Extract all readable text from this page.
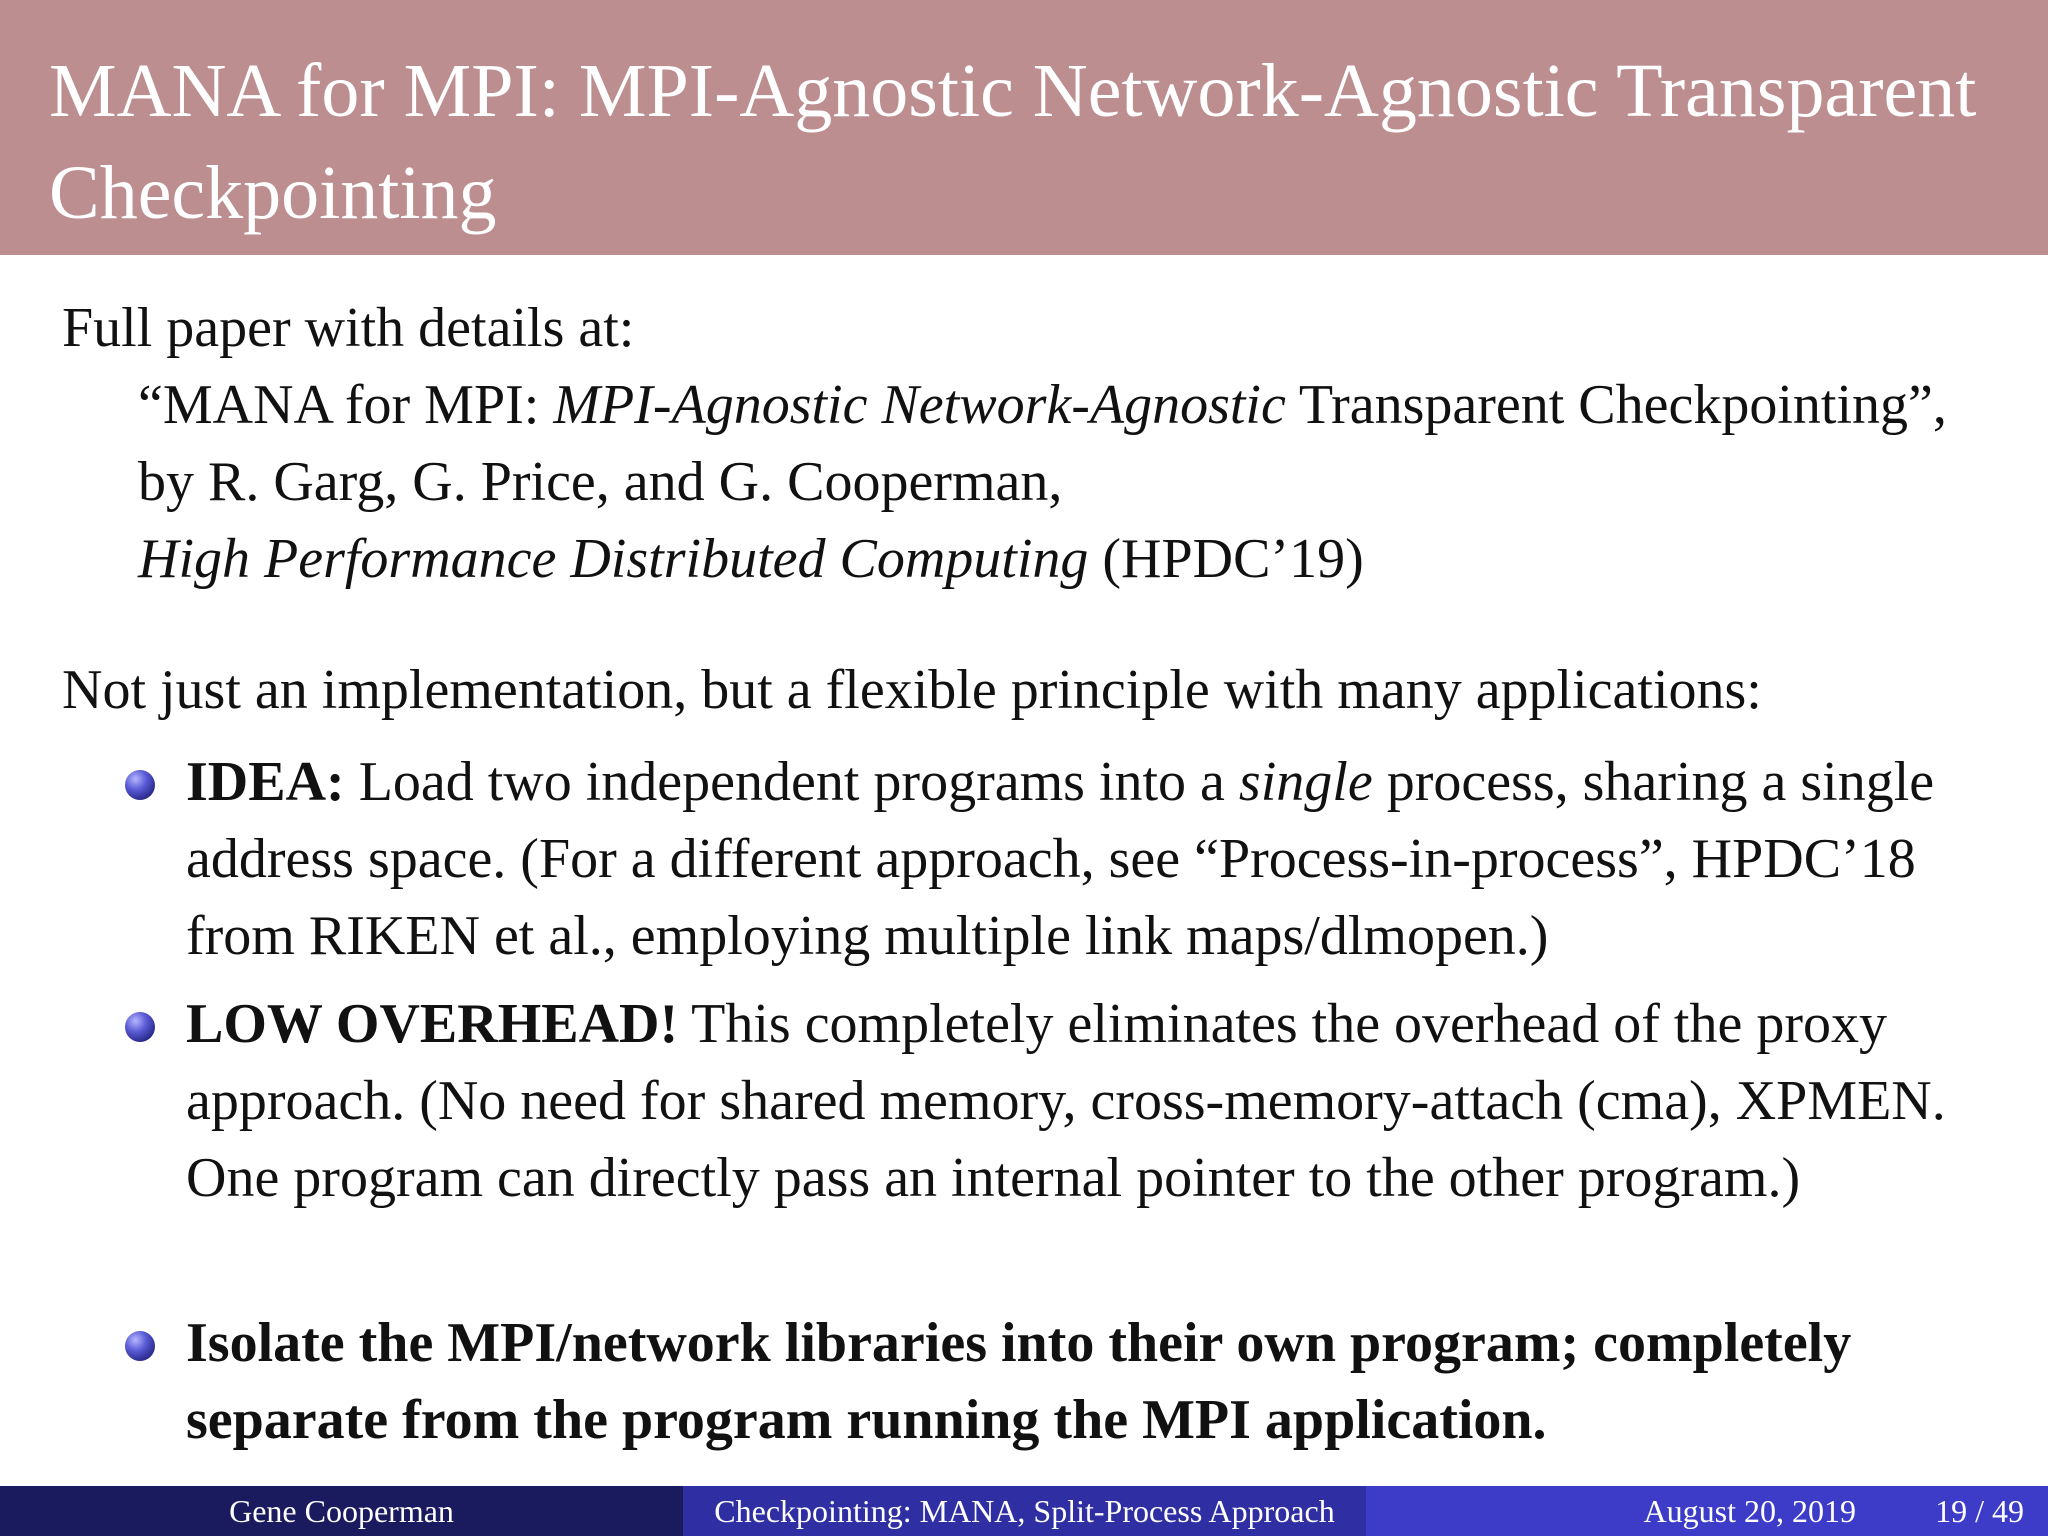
MANA for MPI: MPI-Agnostic Network-Agnostic Transparent Checkpointing

Full paper with details at:

“MANA for MPI: MPI-Agnostic Network-Agnostic Transparent Checkpointing”, by R. Garg, G. Price, and G. Cooperman,
High Performance Distributed Computing (HPDC’19)

Not just an implementation, but a flexible principle with many applications:

IDEA: Load two independent programs into a single process, sharing a single address space. (For a different approach, see “Process-in-process”, HPDC’18 from RIKEN et al., employing multiple link maps/dlmopen.)
LOW OVERHEAD! This completely eliminates the overhead of the proxy approach. (No need for shared memory, cross-memory-attach (cma), XPMEN. One program can directly pass an internal pointer to the other program.)
Isolate the MPI/network libraries into their own program; completely separate from the program running the MPI application.
Gene Cooperman	Checkpointing: MANA, Split-Process Approach	August 20, 2019 19 / 49
